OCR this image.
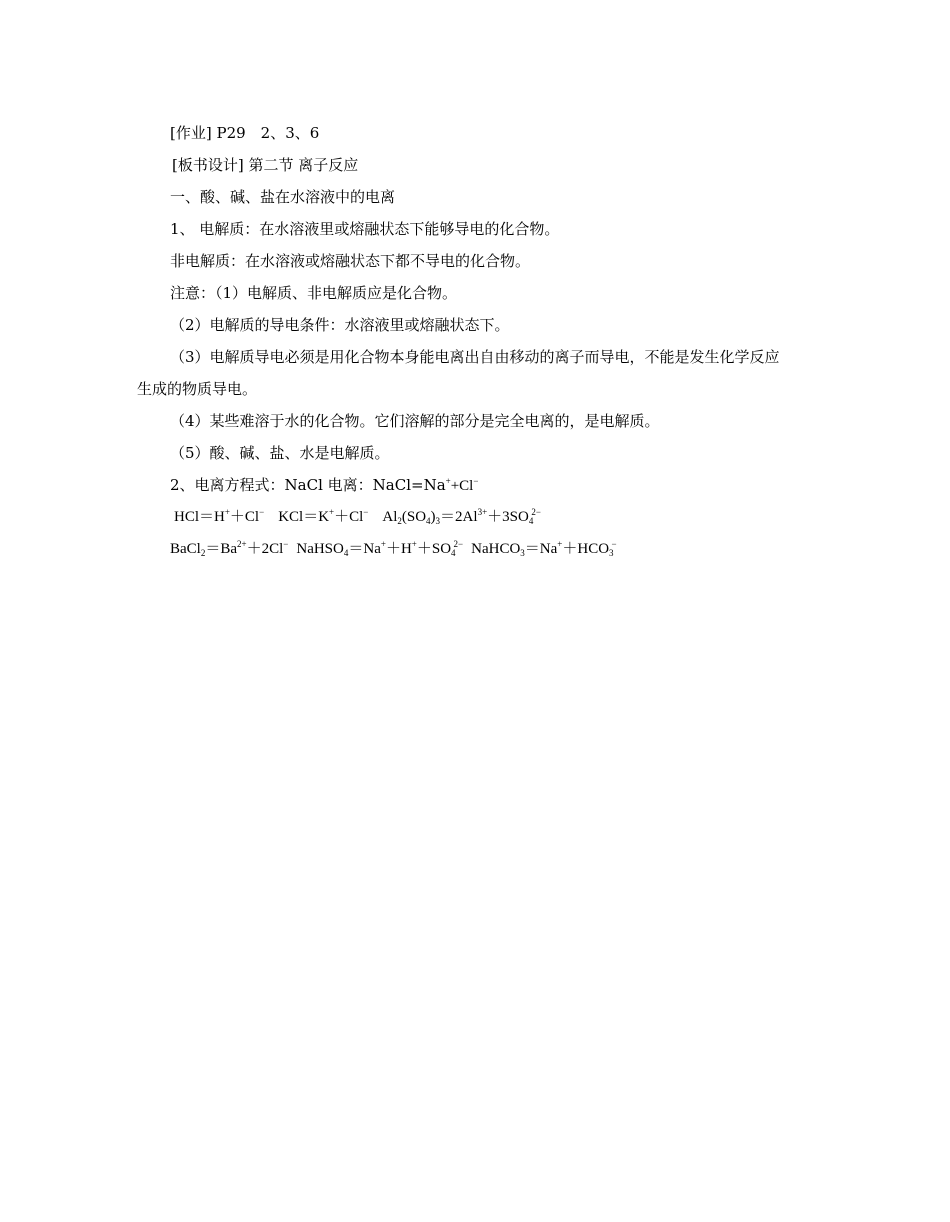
[作业] P29　2、3、6
[板书设计] 第二节 离子反应
一、酸、碱、盐在水溶液中的电离
1、 电解质：在水溶液里或熔融状态下能够导电的化合物。
非电解质：在水溶液或熔融状态下都不导电的化合物。
注意：（1）电解质、非电解质应是化合物。
（2）电解质的导电条件：水溶液里或熔融状态下。
（3）电解质导电必须是用化合物本身能电离出自由移动的离子而导电，不能是发生化学反应
生成的物质导电。
（4）某些难溶于水的化合物。它们溶解的部分是完全电离的，是电解质。
（5）酸、碱、盐、水是电解质。
2、电离方程式：NaCl 电离：NaCl=Na++Cl−
HCl＝H+＋Cl− KCl＝K+＋Cl− $Al_2(SO_4)_3=2Al^{3+}+3SO_4^{2-}$
$BaCl_2=Ba^{2+}+2Cl^-$ $NaHSO_4=Na^++H^++SO_4^{2-}$ $NaHCO_3=Na^++HCO_3^-$
